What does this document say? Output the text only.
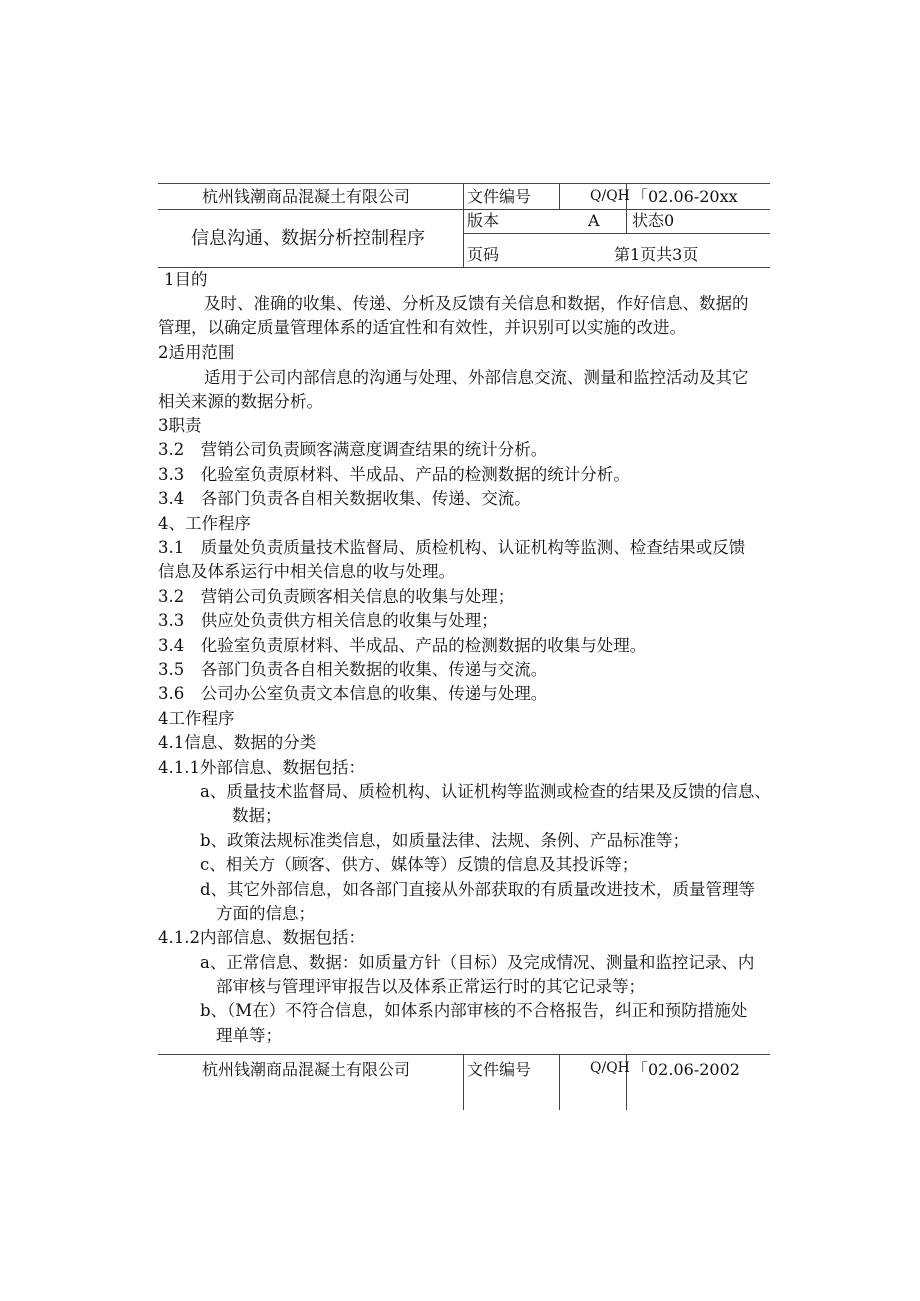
杭州钱潮商品混凝土有限公司
信息沟通、数据分析控制程序
文件编号	Q/QH 「02.06-20xx
版本	A 状态0
页码	第1页共3页
1目的
及时、准确的收集、传递、分析及反馈有关信息和数据，作好信息、数据的
管理，以确定质量管理体系的适宜性和有效性，并识别可以实施的改进。
2适用范围
适用于公司内部信息的沟通与处理、外部信息交流、测量和监控活动及其它
相关来源的数据分析。
3职责
3.2　营销公司负责顾客满意度调查结果的统计分析。
3.3　化验室负责原材料、半成品、产品的检测数据的统计分析。
3.4　各部门负责各自相关数据收集、传递、交流。
4、工作程序
3.1　质量处负责质量技术监督局、质检机构、认证机构等监测、检查结果或反馈
信息及体系运行中相关信息的收与处理。
3.2　营销公司负责顾客相关信息的收集与处理；
3.3　供应处负责供方相关信息的收集与处理；
3.4　化验室负责原材料、半成品、产品的检测数据的收集与处理。
3.5　各部门负责各自相关数据的收集、传递与交流。
3.6　公司办公室负责文本信息的收集、传递与处理。
4工作程序
4.1信息、数据的分类
4.1.1外部信息、数据包括：
a、质量技术监督局、质检机构、认证机构等监测或检查的结果及反馈的信息、
数据；
b、政策法规标准类信息，如质量法律、法规、条例、产品标准等；
c、相关方（顾客、供方、媒体等）反馈的信息及其投诉等；
d、其它外部信息，如各部门直接从外部获取的有质量改进技术，质量管理等
方面的信息；
4.1.2内部信息、数据包括：
a、正常信息、数据：如质量方针（目标）及完成情况、测量和监控记录、内
部审核与管理评审报告以及体系正常运行时的其它记录等；
b、（M在）不符合信息，如体系内部审核的不合格报告，纠正和预防措施处
理单等；
杭州钱潮商品混凝土有限公司	文件编号	Q/QH 「02.06-2002
